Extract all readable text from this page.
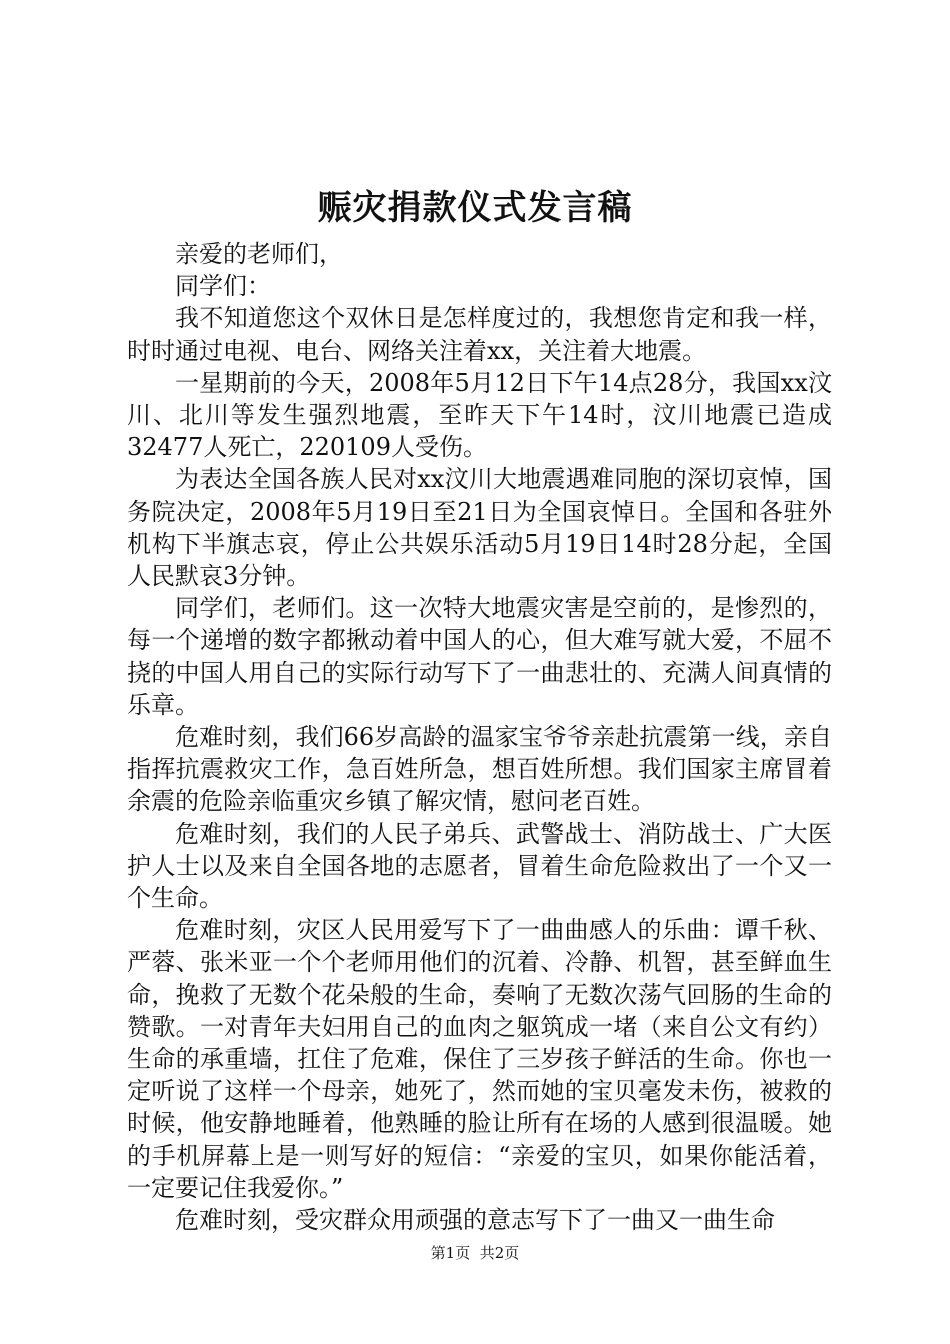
赈灾捐款仪式发言稿

亲爱的老师们，

同学们：

我不知道您这个双休日是怎样度过的，我想您肯定和我一样，时时通过电视、电台、网络关注着xx，关注着大地震。

一星期前的今天，2008年5月12日下午14点28分，我国xx汶川、北川等发生强烈地震，至昨天下午14时，汶川地震已造成32477人死亡，220109人受伤。

为表达全国各族人民对xx汶川大地震遇难同胞的深切哀悼，国务院决定，2008年5月19日至21日为全国哀悼日。全国和各驻外机构下半旗志哀，停止公共娱乐活动5月19日14时28分起，全国人民默哀3分钟。

同学们，老师们。这一次特大地震灾害是空前的，是惨烈的，每一个递增的数字都揪动着中国人的心，但大难写就大爱，不屈不挠的中国人用自己的实际行动写下了一曲悲壮的、充满人间真情的乐章。

危难时刻，我们66岁高龄的温家宝爷爷亲赴抗震第一线，亲自指挥抗震救灾工作，急百姓所急，想百姓所想。我们国家主席冒着余震的危险亲临重灾乡镇了解灾情，慰问老百姓。

危难时刻，我们的人民子弟兵、武警战士、消防战士、广大医护人士以及来自全国各地的志愿者，冒着生命危险救出了一个又一个生命。

危难时刻，灾区人民用爱写下了一曲曲感人的乐曲：谭千秋、严蓉、张米亚一个个老师用他们的沉着、冷静、机智，甚至鲜血生命，挽救了无数个花朵般的生命，奏响了无数次荡气回肠的生命的赞歌。一对青年夫妇用自己的血肉之躯筑成一堵（来自公文有约）生命的承重墙，扛住了危难，保住了三岁孩子鲜活的生命。你也一定听说了这样一个母亲，她死了，然而她的宝贝毫发未伤，被救的时候，他安静地睡着，他熟睡的脸让所有在场的人感到很温暖。她的手机屏幕上是一则写好的短信：“亲爱的宝贝，如果你能活着，一定要记住我爱你。”

危难时刻，受灾群众用顽强的意志写下了一曲又一曲生命

第1页 共2页
